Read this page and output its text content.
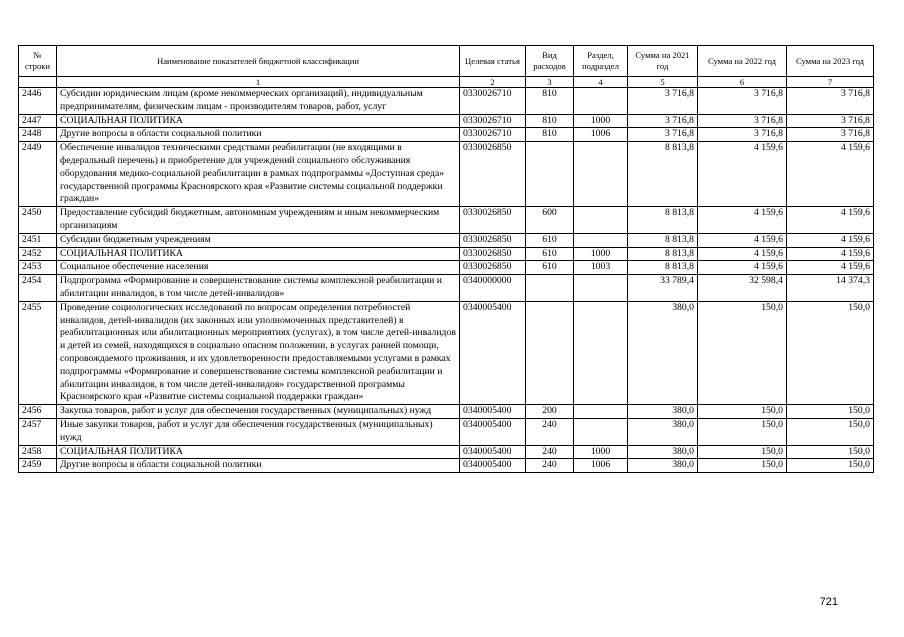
№ строки	Наименование показателей бюджетной классификации	Целевая статья	Вид расходов	Раздел, подраздел	Сумма на 2021 год	Сумма на 2022 год	Сумма на 2023 год
	1	2	3	4	5	6	7
2446	Субсидии юридическим лицам (кроме некоммерческих организаций), индивидуальным предпринимателям, физическим лицам - производителям товаров, работ, услуг	0330026710	810		3 716,8	3 716,8	3 716,8
2447	СОЦИАЛЬНАЯ ПОЛИТИКА	0330026710	810	1000	3 716,8	3 716,8	3 716,8
2448	Другие вопросы в области социальной политики	0330026710	810	1006	3 716,8	3 716,8	3 716,8
2449	Обеспечение инвалидов техническими средствами реабилитации (не входящими в федеральный перечень) и приобретение для учреждений социального обслуживания оборудования медико-социальной реабилитации в рамках подпрограммы «Доступная среда» государственной программы Красноярского края «Развитие системы социальной поддержки граждан»	0330026850			8 813,8	4 159,6	4 159,6
2450	Предоставление субсидий бюджетным, автономным учреждениям и иным некоммерческим организациям	0330026850	600		8 813,8	4 159,6	4 159,6
2451	Субсидии бюджетным учреждениям	0330026850	610		8 813,8	4 159,6	4 159,6
2452	СОЦИАЛЬНАЯ ПОЛИТИКА	0330026850	610	1000	8 813,8	4 159,6	4 159,6
2453	Социальное обеспечение населения	0330026850	610	1003	8 813,8	4 159,6	4 159,6
2454	Подпрограмма «Формирование и совершенствование системы комплексной реабилитации и абилитации инвалидов, в том числе детей-инвалидов»	0340000000			33 789,4	32 598,4	14 374,3
2455	Проведение социологических исследований по вопросам определения потребностей инвалидов, детей-инвалидов (их законных или уполномоченных представителей) в реабилитационных или абилитационных мероприятиях (услугах), в том числе детей-инвалидов и детей из семей, находящихся в социально опасном положении, в услугах ранней помощи, сопровождаемого проживания, и их удовлетворенности предоставляемыми услугами в рамках подпрограммы «Формирование и совершенствование системы комплексной реабилитации и абилитации инвалидов, в том числе детей-инвалидов» государственной программы Красноярского края «Развитие системы социальной поддержки граждан»	0340005400			380,0	150,0	150,0
2456	Закупка товаров, работ и услуг для обеспечения государственных (муниципальных) нужд	0340005400	200		380,0	150,0	150,0
2457	Иные закупки товаров, работ и услуг для обеспечения государственных (муниципальных) нужд	0340005400	240		380,0	150,0	150,0
2458	СОЦИАЛЬНАЯ ПОЛИТИКА	0340005400	240	1000	380,0	150,0	150,0
2459	Другие вопросы в области социальной политики	0340005400	240	1006	380,0	150,0	150,0
721
